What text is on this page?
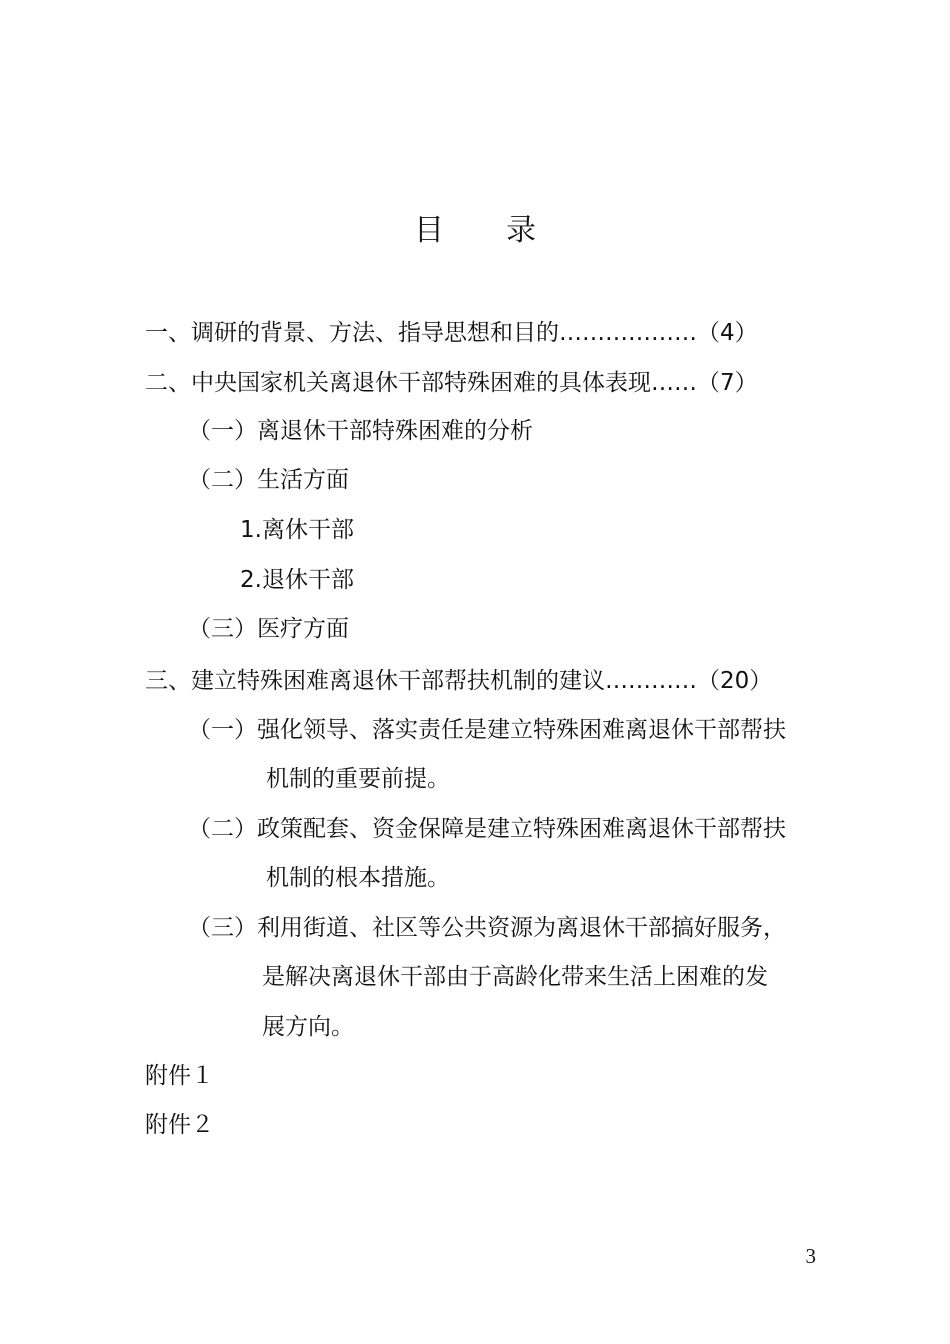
目 录
一、调研的背景、方法、指导思想和目的………………（4）
二、中央国家机关离退休干部特殊困难的具体表现……（7）
（一）离退休干部特殊困难的分析
（二）生活方面
1.离休干部
2.退休干部
（三）医疗方面
三、建立特殊困难离退休干部帮扶机制的建议…………（20）
（一）强化领导、落实责任是建立特殊困难离退休干部帮扶
机制的重要前提。
（二）政策配套、资金保障是建立特殊困难离退休干部帮扶
机制的根本措施。
（三）利用街道、社区等公共资源为离退休干部搞好服务，
是解决离退休干部由于高龄化带来生活上困难的发
展方向。
附件１
附件２
3
